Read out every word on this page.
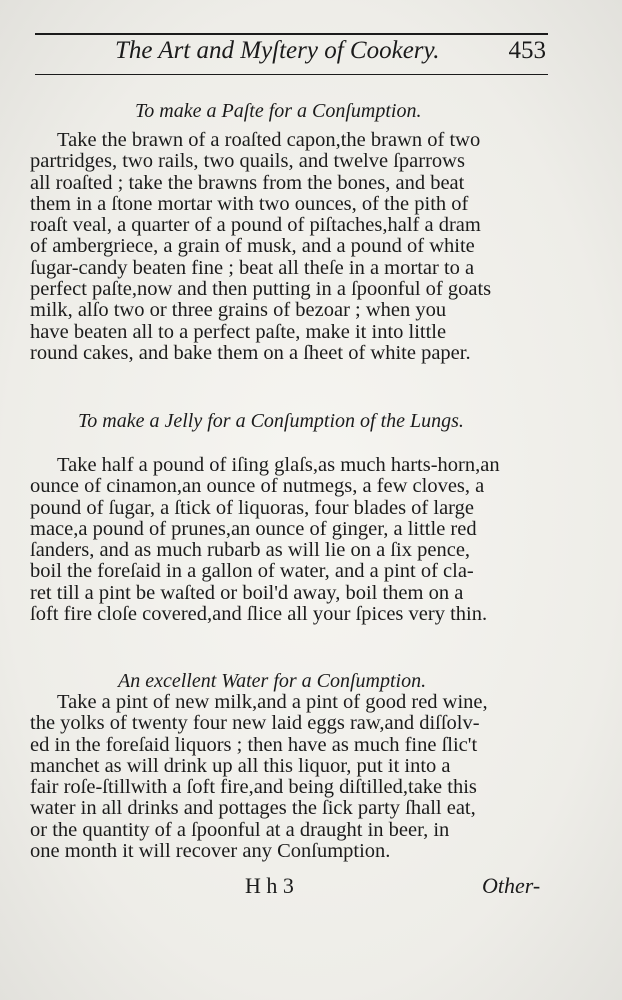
The Art and Myſtery of Cookery.	453
To make a Paſte for a Conſumption.
Take the brawn of a roaſted capon,the brawn of two
partridges, two rails, two quails, and twelve ſparrows
all roaſted ; take the brawns from the bones, and beat
them in a ſtone mortar with two ounces, of the pith of
roaſt veal, a quarter of a pound of piſtaches,half a dram
of ambergriece, a grain of musk, and a pound of white
ſugar-candy beaten fine ; beat all theſe in a mortar to a
perfect paſte,now and then putting in a ſpoonful of goats
milk, alſo two or three grains of bezoar ; when you
have beaten all to a perfect paſte, make it into little
round cakes, and bake them on a ſheet of white paper.
To make a Jelly for a Conſumption of the Lungs.
Take half a pound of iſing glaſs,as much harts-horn,an
ounce of cinamon,an ounce of nutmegs, a few cloves, a
pound of ſugar, a ſtick of liquoras, four blades of large
mace,a pound of prunes,an ounce of ginger, a little red
ſanders, and as much rubarb as will lie on a ſix pence,
boil the foreſaid in a gallon of water, and a pint of cla-
ret till a pint be waſted or boil'd away, boil them on a
ſoft fire cloſe covered,and ſlice all your ſpices very thin.
An excellent Water for a Conſumption.
Take a pint of new milk,and a pint of good red wine,
the yolks of twenty four new laid eggs raw,and diſſolv-
ed in the foreſaid liquors ; then have as much fine ſlic't
manchet as will drink up all this liquor, put it into a
fair roſe-ſtillwith a ſoft fire,and being diſtilled,take this
water in all drinks and pottages the ſick party ſhall eat,
or the quantity of a ſpoonful at a draught in beer, in
one month it will recover any Conſumption.
H h 3	Other-
